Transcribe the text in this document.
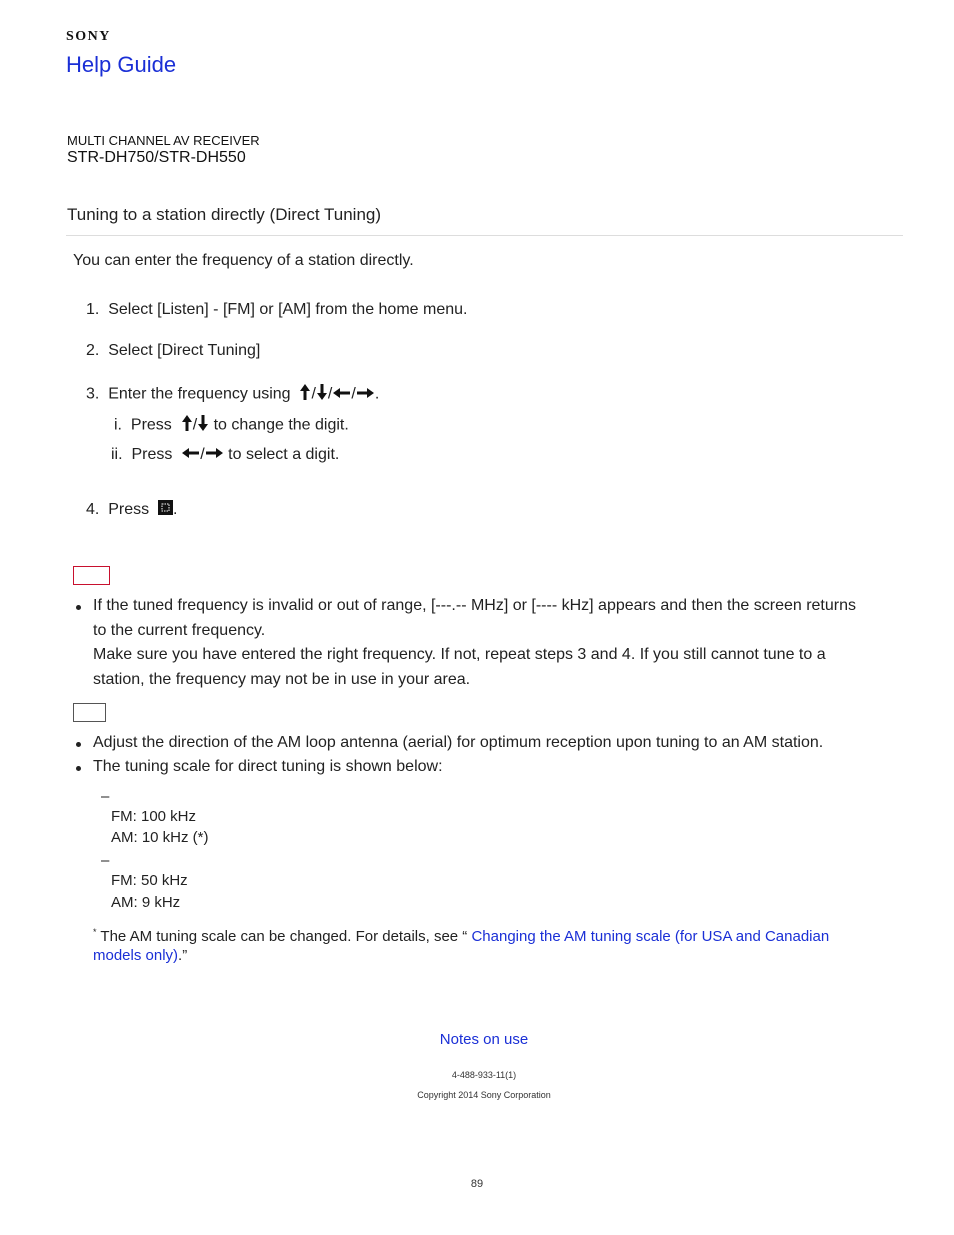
SONY
Help Guide
MULTI CHANNEL AV RECEIVER
STR-DH750/STR-DH550
Tuning to a station directly (Direct Tuning)
You can enter the frequency of a station directly.
1. Select [Listen] - [FM] or [AM] from the home menu.
2. Select [Direct Tuning]
3. Enter the frequency using / / / .
i. Press / to change the digit.
ii. Press / to select a digit.
4. Press .
If the tuned frequency is invalid or out of range, [---.-- MHz] or [---- kHz] appears and then the screen returns
to the current frequency.
Make sure you have entered the right frequency. If not, repeat steps 3 and 4. If you still cannot tune to a
station, the frequency may not be in use in your area.
Adjust the direction of the AM loop antenna (aerial) for optimum reception upon tuning to an AM station.
The tuning scale for direct tuning is shown below:
–
FM: 100 kHz
AM: 10 kHz (*)
–
FM: 50 kHz
AM: 9 kHz
* The AM tuning scale can be changed. For details, see “ Changing the AM tuning scale (for USA and Canadian
models only).”
Notes on use
4-488-933-11(1)
Copyright 2014 Sony Corporation
89
